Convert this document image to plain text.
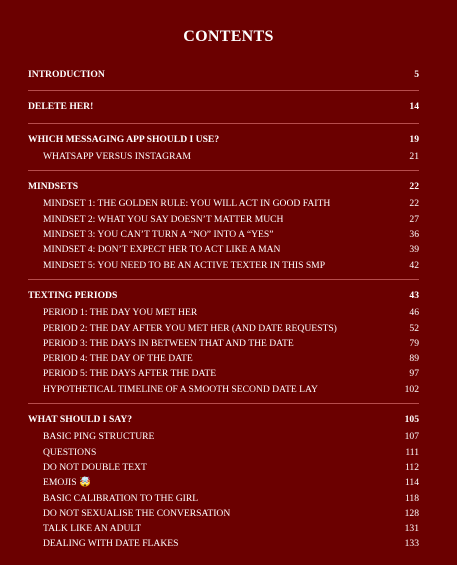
CONTENTS
INTRODUCTION	5
DELETE HER!	14
WHICH MESSAGING APP SHOULD I USE?	19
WHATSAPP VERSUS INSTAGRAM	21
MINDSETS	22
MINDSET 1: THE GOLDEN RULE: YOU WILL ACT IN GOOD FAITH	22
MINDSET 2: WHAT YOU SAY DOESN’T MATTER MUCH	27
MINDSET 3: YOU CAN’T TURN A “NO” INTO A “YES”	36
MINDSET 4: DON’T EXPECT HER TO ACT LIKE A MAN	39
MINDSET 5: YOU NEED TO BE AN ACTIVE TEXTER IN THIS SMP	42
TEXTING PERIODS	43
PERIOD 1: THE DAY YOU MET HER	46
PERIOD 2: THE DAY AFTER YOU MET HER (AND DATE REQUESTS)	52
PERIOD 3: THE DAYS IN BETWEEN THAT AND THE DATE	79
PERIOD 4: THE DAY OF THE DATE	89
PERIOD 5: THE DAYS AFTER THE DATE	97
HYPOTHETICAL TIMELINE OF A SMOOTH SECOND DATE LAY	102
WHAT SHOULD I SAY?	105
BASIC PING STRUCTURE	107
QUESTIONS	111
DO NOT DOUBLE TEXT	112
EMOJIS 🤯	114
BASIC CALIBRATION TO THE GIRL	118
DO NOT SEXUALISE THE CONVERSATION	128
TALK LIKE AN ADULT	131
DEALING WITH DATE FLAKES	133
